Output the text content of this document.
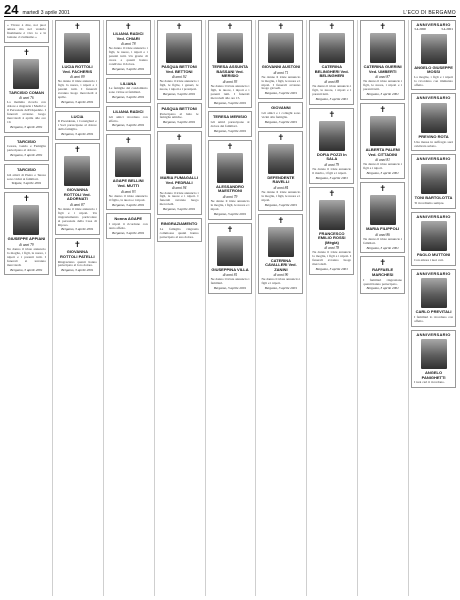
24 martedì 3 aprile 2001	L'ECO DI BERGAMO
« Vivere è dire, noi puoi amare ma nel vederlo finalmente è vivo io e là lontano ci riamiamo »
✝
TARCISIO COMAN
di anni 76
La mamma ricorda con dolore e ringrazia i Medici e il Personale dell'Ospedale. I funerali avranno luogo mercoledì 4 aprile alle ore 10.
Bergamo, 3 aprile 2001
TARCISIO
Cesare, Guido e Famiglia partecipano al dolore.
Bergamo, 3 aprile 2001
TARCISIO
Gli amici di Pietro e Teresa sono vicini ai familiari.
Telgate, 3 aprile 2001
✝
GIUSEPPE APPIANI
di anni 79
Ne danno il triste annuncio la moglie, i figli, le nuore, i nipoti e i parenti tutti. I funerali si terranno mercoledì.
Bergamo, 3 aprile 2001
✝
LUCIA ROTTOLI Ved. FACHERIS
di anni 89
Ne danno il triste annuncio i figli, la nuora, i nipoti e i parenti tutti. I funerali avranno luogo mercoledì 4 aprile.
Bergamo, 3 aprile 2001
LUCIA
Il Presidente, i Consiglieri e i Soci partecipano al dolore della famiglia.
Bergamo, 3 aprile 2001
✝
GIOVANNA ROTTOLI Ved. ADORNATI
di anni 87
Ne danno il triste annuncio i figli e i nipoti. Un ringraziamento particolare al personale della Casa di Riposo.
Bergamo, 3 aprile 2001
✝
GIOVANNA ROTTOLI PATELLI
Ringraziano quanti hanno partecipato al loro dolore.
Bergamo, 3 aprile 2001
✝
LILIANA RADICI Ved. CHIARI
di anni 78
Ne danno il triste annuncio i figli, le nuore, i nipoti e i parenti tutti. Un grazie di cuore a quanti hanno condiviso il dolore.
Bergamo, 3 aprile 2001
LILIANA
Le famiglie del condominio sono vicine ai familiari.
Bergamo, 3 aprile 2001
LILIANA RADICI
Gli amici ricordano con affetto.
Bergamo, 3 aprile 2001
✝
AGAPE BELLINI Ved. MUTTI
di anni 93
Ne danno il triste annuncio il figlio, la nuora e i nipoti.
Bergamo, 3 aprile 2001
Nonna AGAPE
I nipoti ti ricordano con tanto affetto.
Bergamo, 3 aprile 2001
✝
PASQUA BETTONI Ved. BETTONI
di anni 92
Ne danno il triste annuncio i figli, le figlie, i generi, le nuore, i nipoti e i pronipoti.
Bergamo, 3 aprile 2001
PASQUA BETTONI
Partecipano al lutto le famiglie amiche.
Bergamo, 3 aprile 2001
✝
MARIA FUMAGALLI Ved. PEDRALI
di anni 94
Ne danno il triste annuncio i figli, le nuore e i nipoti. I funerali avranno luogo mercoledì.
Bergamo, 3 aprile 2001
RINGRAZIAMENTO
La famiglia ringrazia commossa quanti hanno partecipato al suo dolore.
✝
TERESA ASSUNTA BASSANI Ved. MERISIO
di anni 93
Ne danno il triste annuncio i figli, le nuore, i nipoti e i parenti tutti. I funerali mercoledì alle ore 15.
Bergamo, 3 aprile 2001
TERESA MERISIO
Gli amici partecipano al dolore dei familiari.
Bergamo, 3 aprile 2001
✝
ALESSANDRO MAESTRONI
di anni 79
Ne danno il triste annuncio la moglie, i figli, le nuore e i nipoti.
Bergamo, 3 aprile 2001
✝
GIUSEPPINA VILLA
di anni 81
Ne danno il triste annuncio i familiari.
Bergamo, 3 aprile 2001
✝
GIOVANNI AUSTONI
di anni 71
Ne danno il triste annuncio la moglie, i figli, le nuore e i nipoti. I funerali avranno luogo giovedì.
Bergamo, 3 aprile 2001
GIOVANNI
Gli amici e i colleghi sono vicini alla famiglia.
Bergamo, 3 aprile 2001
✝
DEFENDENTE RAVELLI
di anni 84
Ne danno il triste annuncio la moglie, i figli, le nuore e i nipoti.
Bergamo, 3 aprile 2001
✝
CATERINA CAVALLERI Ved. ZANINI
di anni 90
Ne danno il triste annuncio i figli e i nipoti.
Bergamo, 3 aprile 2001
✝
CATERINA BELINGHERI Ved. BELINGHERI
di anni 88
Ne danno il triste annuncio i figli, le nuore, i nipoti e i parenti tutti.
Bergamo, 3 aprile 2001
✝
DOFIA POZZI In SALA
di anni 79
Ne danno il triste annuncio il marito, i figli e i nipoti.
Bergamo, 3 aprile 2001
✝
FRANCESCO EMILIO ROSSI (Mègià)
di anni 78
Ne danno il triste annuncio la moglie, i figli e i nipoti. I funerali avranno luogo mercoledì.
Bergamo, 3 aprile 2001
✝
CATERINA GUERINI Ved. UMBERTI
di anni 87
Ne danno il triste annuncio i figli, le nuore, i nipoti e i parenti tutti.
Bergamo, 3 aprile 2001
✝
ALBERTA PALENI Ved. CITTADINI
di anni 81
Ne danno il triste annuncio i figli e i nipoti.
Bergamo, 3 aprile 2001
✝
MARIA FILIPPOLI
di anni 86
Ne danno il triste annuncio i familiari.
Bergamo, 3 aprile 2001
✝
RAFFAELE MARCHESI
I familiari ringraziano quanti hanno partecipato.
Bergamo, 3 aprile 2001
ANNIVERSARIO
3.4.2000	3.4.2001
ANGELO GIUSEPPE MOSSI
La moglie, i figli e i nipoti lo ricordano con immutato affetto.
ANNIVERSARIO
PREVINO ROTA
Una messa in suffragio sarà celebrata sabato.
ANNIVERSARIO
TONI BARTOLOTTA
Ti ricordiamo sempre.
ANNIVERSARIO
PAOLO MUTTONI
Con amore i tuoi cari.
ANNIVERSARIO
CARLO PREVITALI
I familiari lo ricordano con affetto.
ANNIVERSARIO
ANGELO PANIGHETTI
I tuoi cari ti ricordano.
